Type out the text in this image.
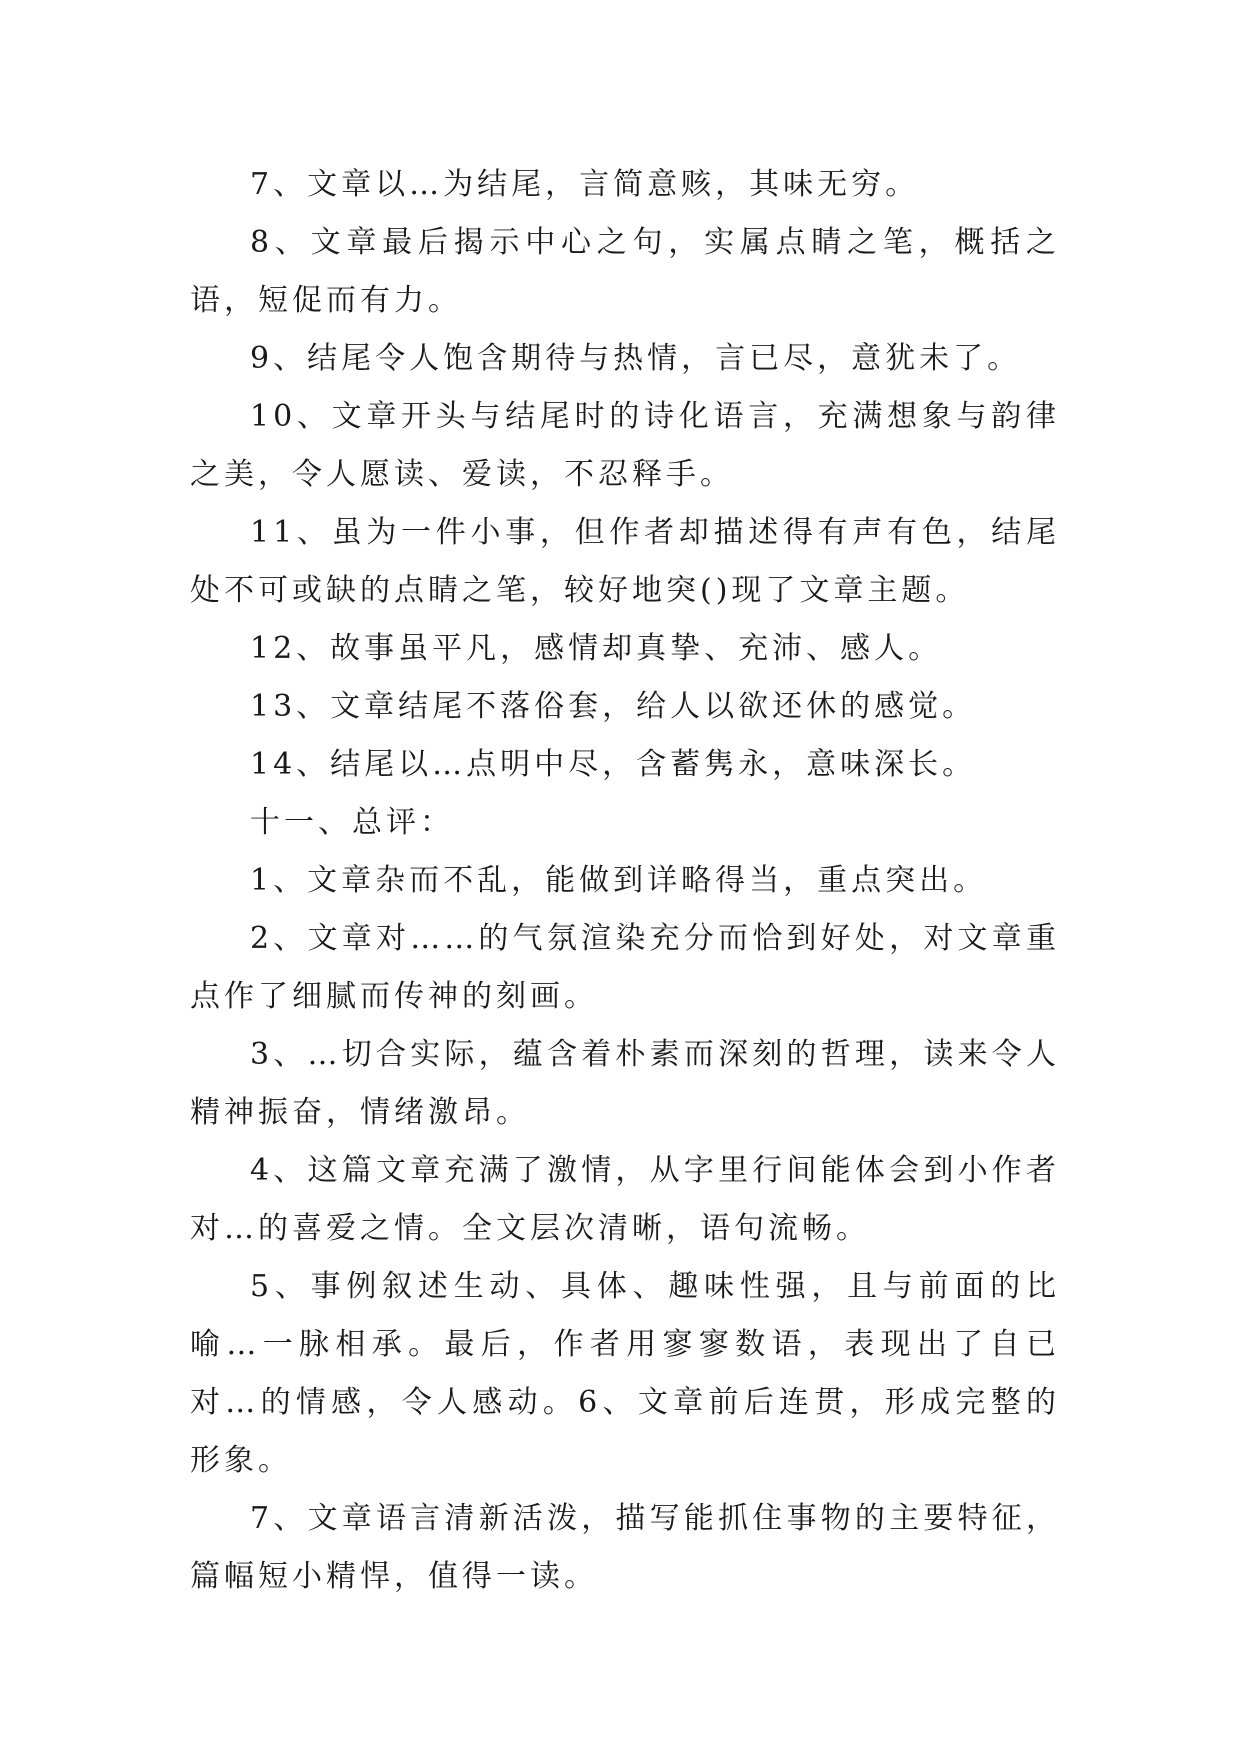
7、文章以…为结尾，言简意赅，其味无穷。

8、文章最后揭示中心之句，实属点睛之笔，概括之语，短促而有力。

9、结尾令人饱含期待与热情，言已尽，意犹未了。

10、文章开头与结尾时的诗化语言，充满想象与韵律之美，令人愿读、爱读，不忍释手。

11、虽为一件小事，但作者却描述得有声有色，结尾处不可或缺的点睛之笔，较好地突()现了文章主题。

12、故事虽平凡，感情却真挚、充沛、感人。

13、文章结尾不落俗套，给人以欲还休的感觉。

14、结尾以…点明中尽，含蓄隽永，意味深长。

十一、总评：

1、文章杂而不乱，能做到详略得当，重点突出。

2、文章对……的气氛渲染充分而恰到好处，对文章重点作了细腻而传神的刻画。

3、…切合实际，蕴含着朴素而深刻的哲理，读来令人精神振奋，情绪激昂。

4、这篇文章充满了激情，从字里行间能体会到小作者对…的喜爱之情。全文层次清晰，语句流畅。

5、事例叙述生动、具体、趣味性强，且与前面的比喻…一脉相承。最后，作者用寥寥数语，表现出了自已对…的情感，令人感动。6、文章前后连贯，形成完整的形象。

7、文章语言清新活泼，描写能抓住事物的主要特征，篇幅短小精悍，值得一读。
